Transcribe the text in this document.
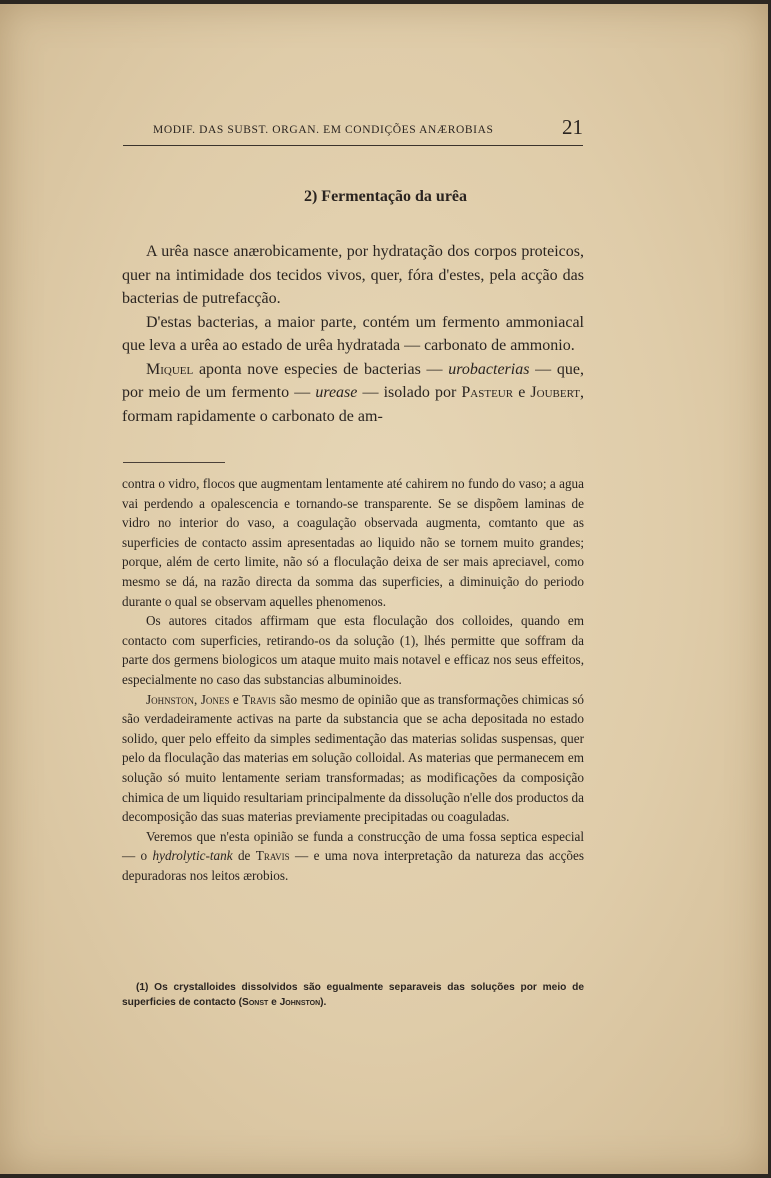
MODIF. DAS SUBST. ORGAN. EM CONDIÇÕES ANÆROBIAS	21
2) Fermentação da urêa

A urêa nasce anærobicamente, por hydratação dos corpos proteicos, quer na intimidade dos tecidos vivos, quer, fóra d'estes, pela acção das bacterias de putrefacção.

D'estas bacterias, a maior parte, contém um fermento ammoniacal que leva a urêa ao estado de urêa hydratada — carbonato de ammonio.

Miquel aponta nove especies de bacterias — urobacterias — que, por meio de um fermento — urease — isolado por Pasteur e Joubert, formam rapidamente o carbonato de am-

contra o vidro, flocos que augmentam lentamente até cahirem no fundo do vaso; a agua vai perdendo a opalescencia e tornando-se transparente. Se se dispõem laminas de vidro no interior do vaso, a coagulação observada augmenta, comtanto que as superficies de contacto assim apresentadas ao liquido não se tornem muito grandes; porque, além de certo limite, não só a floculação deixa de ser mais apreciavel, como mesmo se dá, na razão directa da somma das superficies, a diminuição do periodo durante o qual se observam aquelles phenomenos.

Os autores citados affirmam que esta floculação dos colloides, quando em contacto com superficies, retirando-os da solução (1), lhés permitte que soffram da parte dos germens biologicos um ataque muito mais notavel e efficaz nos seus effeitos, especialmente no caso das substancias albuminoides.

Johnston, Jones e Travis são mesmo de opinião que as transformações chimicas só são verdadeiramente activas na parte da substancia que se acha depositada no estado solido, quer pelo effeito da simples sedimentação das materias solidas suspensas, quer pelo da floculação das materias em solução colloidal. As materias que permanecem em solução só muito lentamente seriam transformadas; as modificações da composição chimica de um liquido resultariam principalmente da dissolução n'elle dos productos da decomposição das suas materias previamente precipitadas ou coaguladas.

Veremos que n'esta opinião se funda a construcção de uma fossa septica especial — o hydrolytic-tank de Travis — e uma nova interpretação da natureza das acções depuradoras nos leitos ærobios.

(1) Os crystalloides dissolvidos são egualmente separaveis das soluções por meio de superficies de contacto (Sonst e Johnston).
